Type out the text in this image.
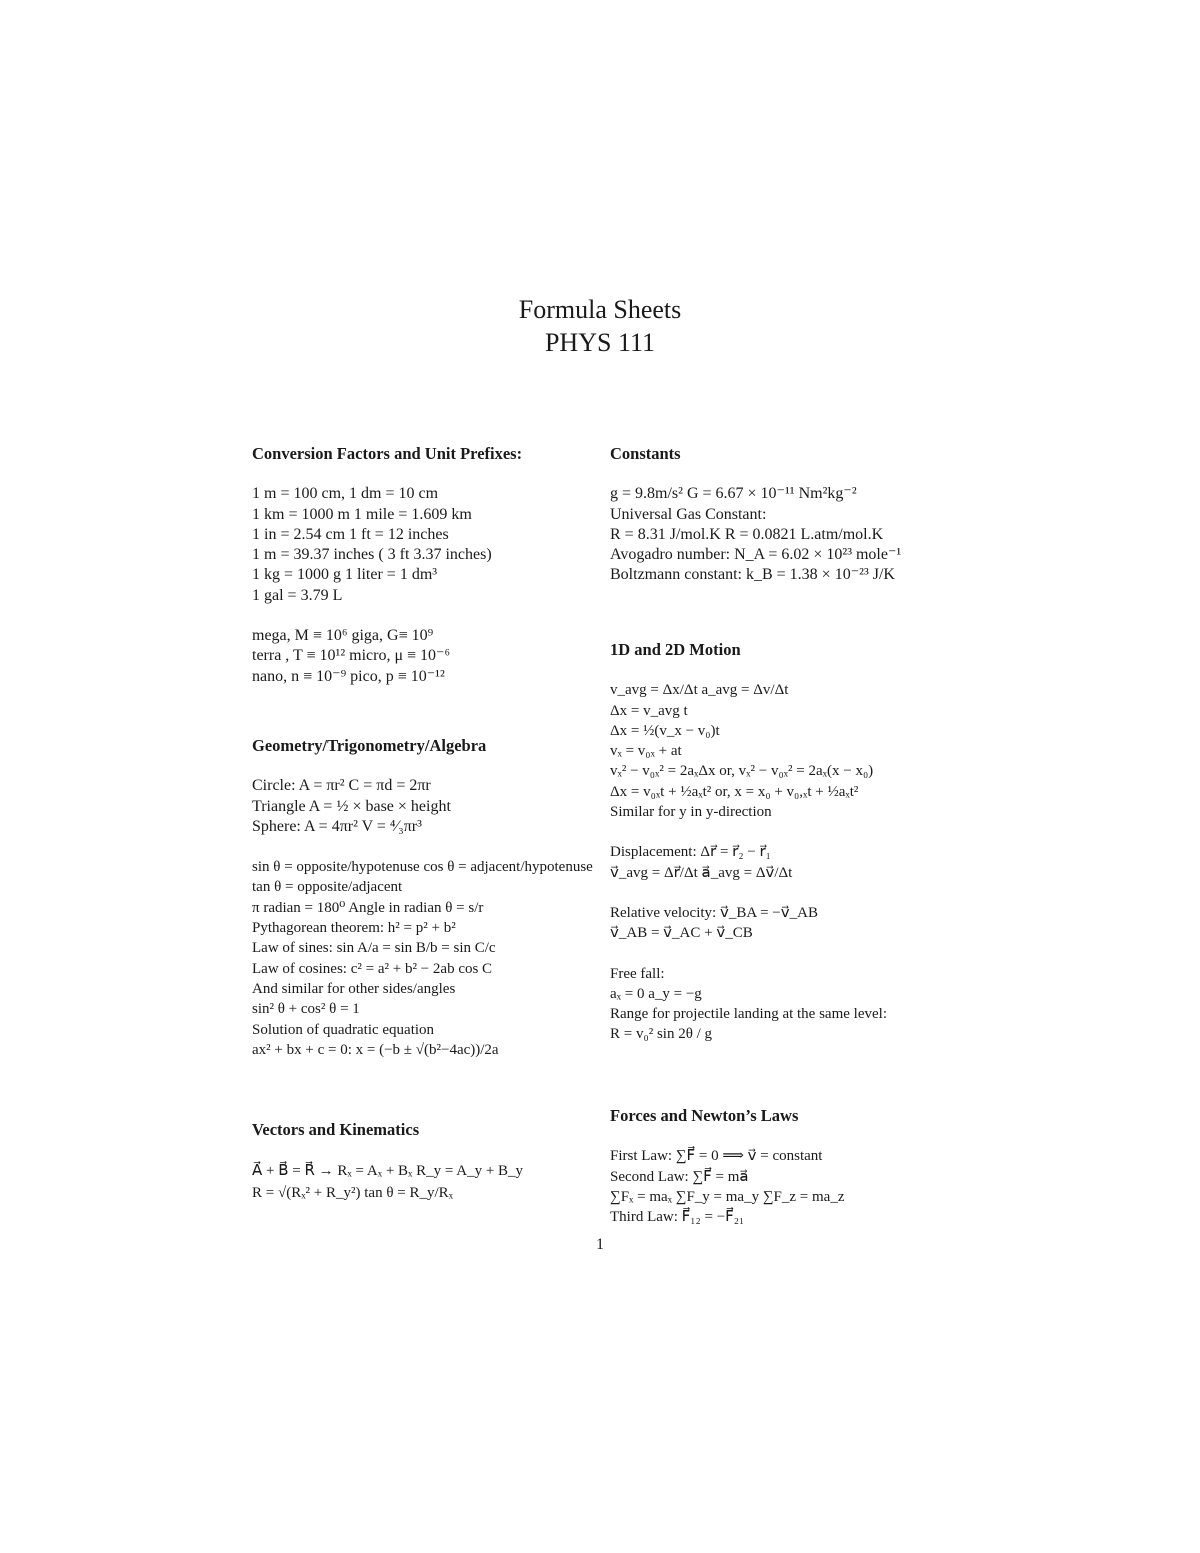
Formula Sheets
PHYS 111
Conversion Factors and Unit Prefixes:
1 m = 100 cm, 1 dm = 10 cm
1 km = 1000 m 1 mile = 1.609 km
1 in = 2.54 cm 1 ft = 12 inches
1 m = 39.37 inches ( 3 ft 3.37 inches)
1 kg = 1000 g 1 liter = 1 dm³
1 gal = 3.79 L
mega, M ≡ 10⁶ giga, G≡ 10⁹
terra , T ≡ 10¹² micro, μ ≡ 10⁻⁶
nano, n ≡ 10⁻⁹ pico, p ≡ 10⁻¹²
Geometry/Trigonometry/Algebra
Circle: A = πr² C = πd = 2πr
Triangle A = ½ × base × height
Sphere: A = 4πr² V = ⁴⁄₃πr³
sin θ = opposite/hypotenuse cos θ = adjacent/hypotenuse
tan θ = opposite/adjacent
π radian = 180⁰ Angle in radian θ = s/r
Pythagorean theorem: h² = p² + b²
Law of sines: sin A/a = sin B/b = sin C/c
Law of cosines: c² = a² + b² − 2ab cos C
And similar for other sides/angles
sin² θ + cos² θ = 1
Solution of quadratic equation
ax² + bx + c = 0: x = (−b ± √(b²−4ac))/2a
Vectors and Kinematics
A⃗ + B⃗ = R⃗ → Rₓ = Aₓ + Bₓ R_y = A_y + B_y
R = √(Rₓ² + R_y²) tan θ = R_y/Rₓ
Constants
g = 9.8m/s² G = 6.67 × 10⁻¹¹ Nm²kg⁻²
Universal Gas Constant:
R = 8.31 J/mol.K R = 0.0821 L.atm/mol.K
Avogadro number: N_A = 6.02 × 10²³ mole⁻¹
Boltzmann constant: k_B = 1.38 × 10⁻²³ J/K
1D and 2D Motion
v_avg = Δx/Δt a_avg = Δv/Δt
Δx = v_avg t
Δx = ½(v_x − v₀)t
vₓ = v₀ₓ + at
vₓ² − v₀ₓ² = 2aₓΔx or, vₓ² − v₀ₓ² = 2aₓ(x − x₀)
Δx = v₀ₓt + ½aₓt² or, x = x₀ + v₀,ₓt + ½aₓt²
Similar for y in y-direction
Displacement: Δr⃗ = r⃗₂ − r⃗₁
v⃗_avg = Δr⃗/Δt a⃗_avg = Δv⃗/Δt
Relative velocity: v⃗_BA = −v⃗_AB
v⃗_AB = v⃗_AC + v⃗_CB
Free fall:
aₓ = 0 a_y = −g
Range for projectile landing at the same level:
R = v₀² sin 2θ / g
Forces and Newton’s Laws
First Law: ∑F⃗ = 0 ⟹ v⃗ = constant
Second Law: ∑F⃗ = ma⃗
∑Fₓ = maₓ ∑F_y = ma_y ∑F_z = ma_z
Third Law: F⃗₁₂ = −F⃗₂₁
1
